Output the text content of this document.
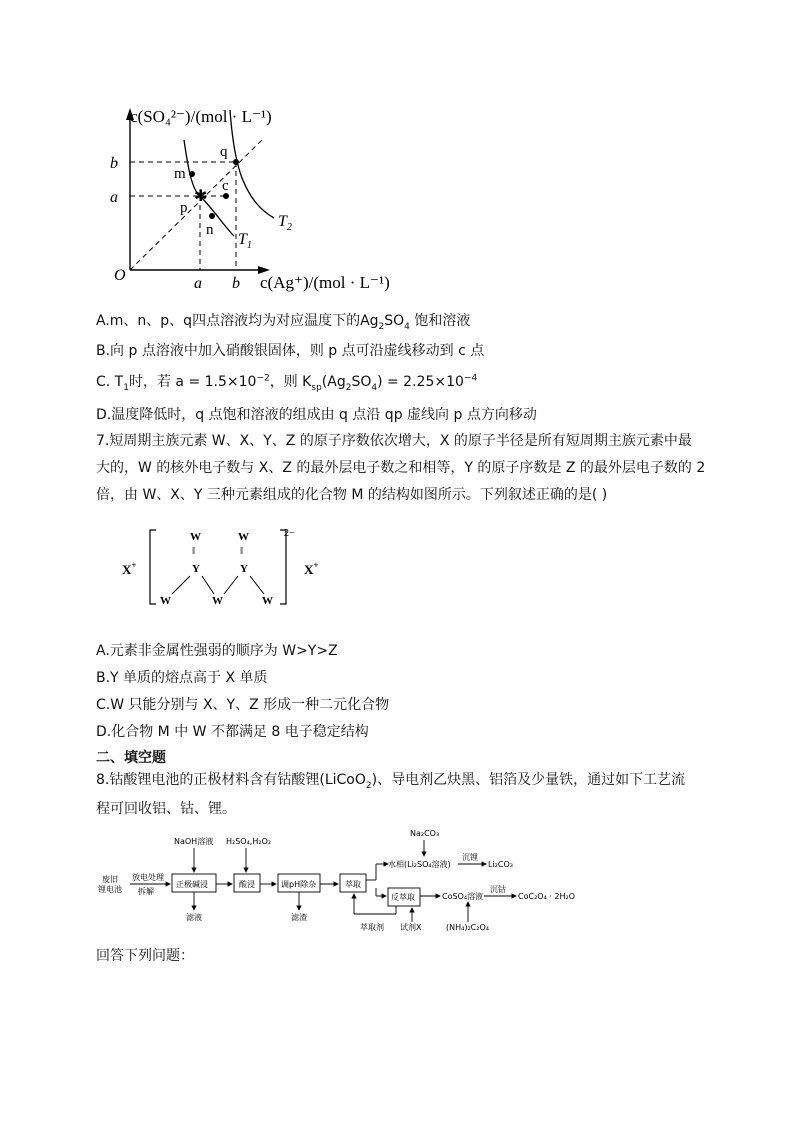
✱
c(SO₄²⁻)/(mol · L⁻¹)
c(Ag⁺)/(mol · L⁻¹)
O
b
a
a b
m
q
c
p
n
$T_1$
$T_2$
A.m、n、p、q四点溶液均为对应温度下的$Ag_2SO_4$ 饱和溶液
B.向 p 点溶液中加入硝酸银固体，则 p 点可沿虚线移动到 c 点
C. $T_1$时，若 $a = 1.5\times 10^{-2}$，则 $K_{sp}(Ag_2SO_4) = 2.25\times 10^{-4}$
D.温度降低时，q 点饱和溶液的组成由 q 点沿 qp 虚线向 p 点方向移动
7.短周期主族元素 W、X、Y、Z 的原子序数依次增大，X 的原子半径是所有短周期主族元素中最
大的，W 的核外电子数与 X、Z 的最外层电子数之和相等，Y 的原子序数是 Z 的最外层电子数的 2
倍，由 W、X、Y 三种元素组成的化合物 M 的结构如图所示。下列叙述正确的是( )
X+	X+
2−
W
‖
Y
W
‖
Y
W	W	W
A.元素非金属性强弱的顺序为 W>Y>Z
B.Y 单质的熔点高于 X 单质
C.W 只能分别与 X、Y、Z 形成一种二元化合物
D.化合物 M 中 W 不都满足 8 电子稳定结构
二、填空题
8.钴酸锂电池的正极材料含有钴酸锂(LiCoO$_2$)、导电剂乙炔黑、铝箔及少量铁，通过如下工艺流
程可回收铝、钴、锂。
废旧
锂电池
放电处理
拆解
正极碱浸
NaOH溶液
滤液
酸浸
H₂SO₄,H₂O₂
调pH除杂
滤渣
萃取
萃取剂
Na₂CO₃
水相(Li₂SO₄溶液)
沉锂
Li₂CO₃
反萃取
试剂X
CoSO₄溶液
沉钴
CoC₂O₄ · 2H₂O
(NH₄)₂C₂O₄
回答下列问题：
